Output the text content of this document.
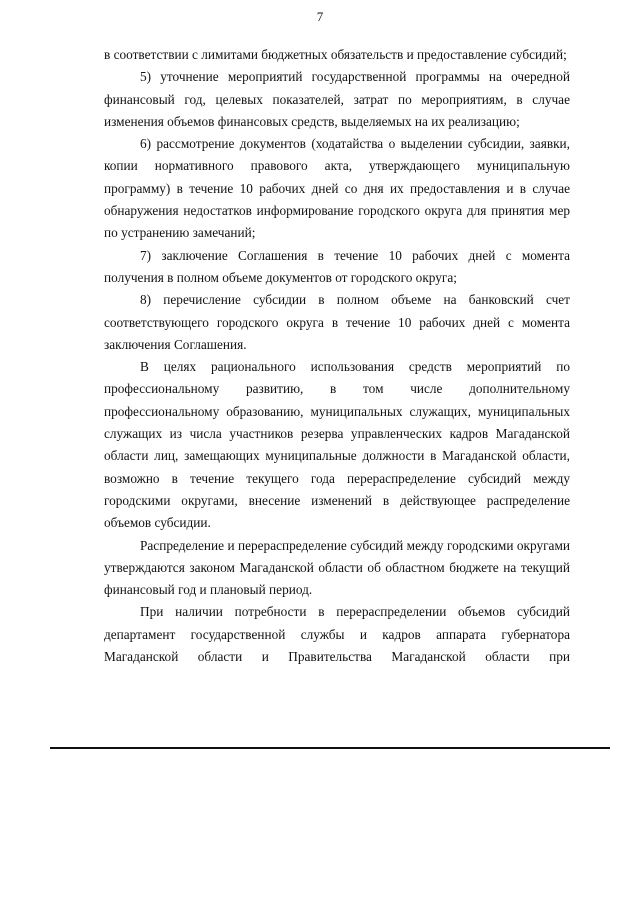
7

в соответствии с лимитами бюджетных обязательств и предоставление субсидий;

5) уточнение мероприятий государственной программы на очередной финансовый год, целевых показателей, затрат по мероприятиям, в случае изменения объемов финансовых средств, выделяемых на их реализацию;

6) рассмотрение документов (ходатайства о выделении субсидии, заявки, копии нормативного правового акта, утверждающего муниципальную программу) в течение 10 рабочих дней со дня их предоставления и в случае обнаружения недостатков информирование городского округа для принятия мер по устранению замечаний;

7) заключение Соглашения в течение 10 рабочих дней с момента получения в полном объеме документов от городского округа;

8) перечисление субсидии в полном объеме на банковский счет соответствующего городского округа в течение 10 рабочих дней с момента заключения Соглашения.

В целях рационального использования средств мероприятий по профессиональному развитию, в том числе дополнительному профессиональному образованию, муниципальных служащих, муниципальных служащих из числа участников резерва управленческих кадров Магаданской области лиц, замещающих муниципальные должности в Магаданской области, возможно в течение текущего года перераспределение субсидий между городскими округами, внесение изменений в действующее распределение объемов субсидии.

Распределение и перераспределение субсидий между городскими округами утверждаются законом Магаданской области об областном бюджете на текущий финансовый год и плановый период.

При наличии потребности в перераспределении объемов субсидий департамент государственной службы и кадров аппарата губернатора Магаданской области и Правительства Магаданской области при
